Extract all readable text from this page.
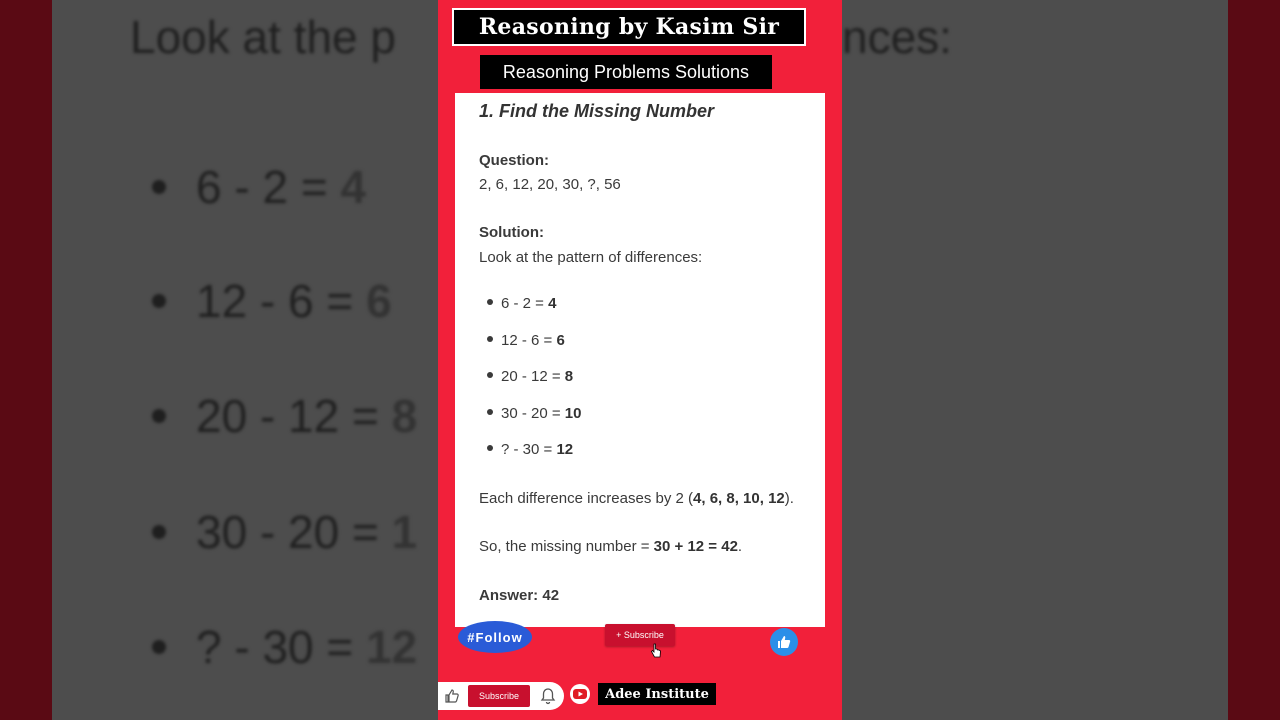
Look at the p
6 - 2 = 4
12 - 6 = 6
20 - 12 = 8
30 - 20 = 1
? - 30 = 12
nces:
Reasoning by Kasim Sir
Reasoning Problems Solutions
1. Find the Missing Number
Question:
2, 6, 12, 20, 30, ?, 56
Solution:
Look at the pattern of differences:
6 - 2 = 4
12 - 6 = 6
20 - 12 = 8
30 - 20 = 10
? - 30 = 12
Each difference increases by 2 (4, 6, 8, 10, 12).
So, the missing number = 30 + 12 = 42.
Answer: 42
#Follow	+ Subscribe
Subscribe	Adee Institute
